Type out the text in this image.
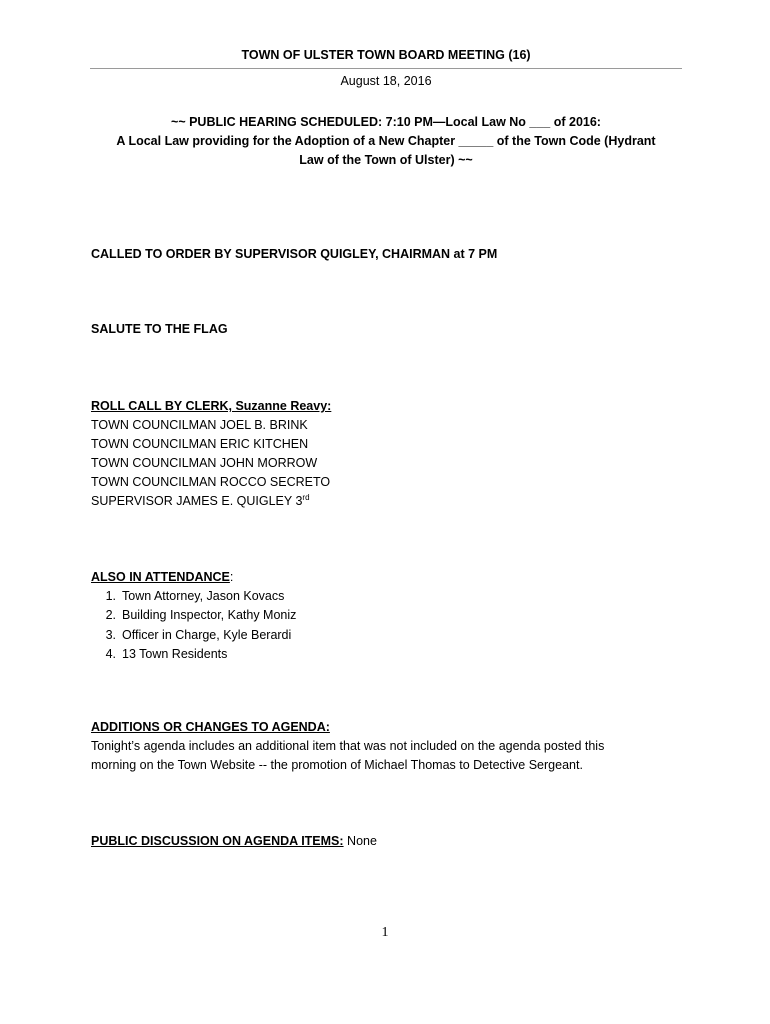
TOWN OF ULSTER TOWN BOARD MEETING (16)
August 18, 2016
~~ PUBLIC HEARING SCHEDULED: 7:10 PM—Local Law No ___ of 2016:
A Local Law providing for the Adoption of a New Chapter _____ of the Town Code (Hydrant
Law of the Town of Ulster) ~~
CALLED TO ORDER BY SUPERVISOR QUIGLEY, CHAIRMAN at 7 PM
SALUTE TO THE FLAG
ROLL CALL BY CLERK, Suzanne Reavy:
TOWN COUNCILMAN JOEL B. BRINK
TOWN COUNCILMAN ERIC KITCHEN
TOWN COUNCILMAN JOHN MORROW
TOWN COUNCILMAN ROCCO SECRETO
SUPERVISOR JAMES E. QUIGLEY 3rd
ALSO IN ATTENDANCE:
1. Town Attorney, Jason Kovacs
2. Building Inspector, Kathy Moniz
3. Officer in Charge, Kyle Berardi
4. 13 Town Residents
ADDITIONS OR CHANGES TO AGENDA:
Tonight’s agenda includes an additional item that was not included on the agenda posted this
morning on the Town Website -- the promotion of Michael Thomas to Detective Sergeant.
PUBLIC DISCUSSION ON AGENDA ITEMS: None
1
